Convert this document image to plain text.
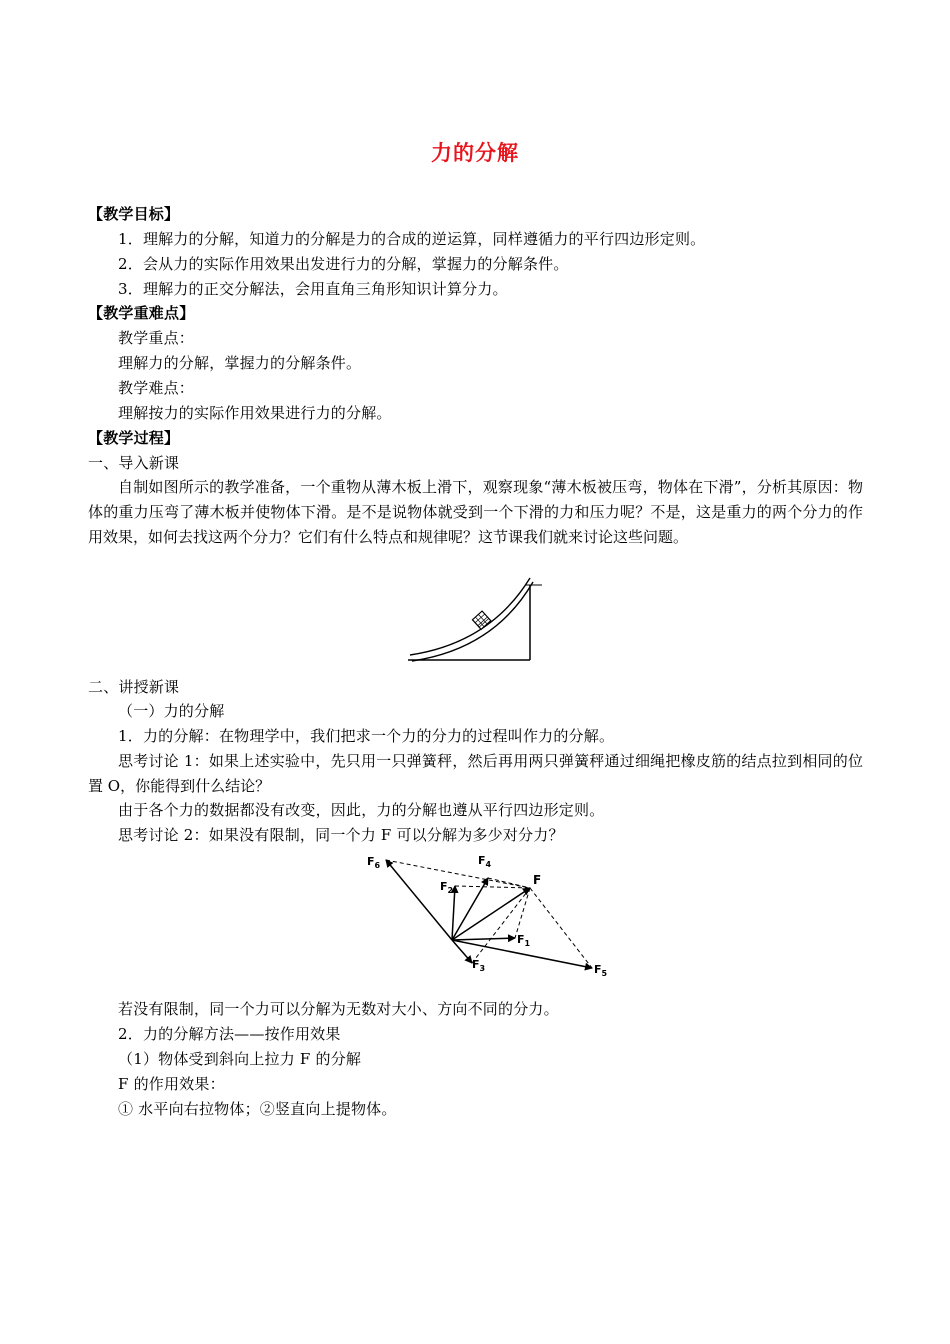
力的分解
【教学目标】
1．理解力的分解，知道力的分解是力的合成的逆运算，同样遵循力的平行四边形定则。
2．会从力的实际作用效果出发进行力的分解，掌握力的分解条件。
3．理解力的正交分解法，会用直角三角形知识计算分力。
【教学重难点】
教学重点：
理解力的分解，掌握力的分解条件。
教学难点：
理解按力的实际作用效果进行力的分解。
【教学过程】
一、导入新课
自制如图所示的教学准备，一个重物从薄木板上滑下，观察现象“薄木板被压弯，物体在下滑”，分析其原因：物体的重力压弯了薄木板并使物体下滑。是不是说物体就受到一个下滑的力和压力呢？不是，这是重力的两个分力的作用效果，如何去找这两个分力？它们有什么特点和规律呢？这节课我们就来讨论这些问题。
二、讲授新课
（一）力的分解
1．力的分解：在物理学中，我们把求一个力的分力的过程叫作力的分解。
思考讨论 1：如果上述实验中，先只用一只弹簧秤，然后再用两只弹簧秤通过细绳把橡皮筋的结点拉到相同的位置 O，你能得到什么结论？
由于各个力的数据都没有改变，因此，力的分解也遵从平行四边形定则。
思考讨论 2：如果没有限制，同一个力 F 可以分解为多少对分力？
$F_6$	$F_4$
$F_2$
F
$F_1$
$F_3$	$F_5$
若没有限制，同一个力可以分解为无数对大小、方向不同的分力。
2．力的分解方法——按作用效果
（1）物体受到斜向上拉力 F 的分解
F 的作用效果：
① 水平向右拉物体；②竖直向上提物体。
